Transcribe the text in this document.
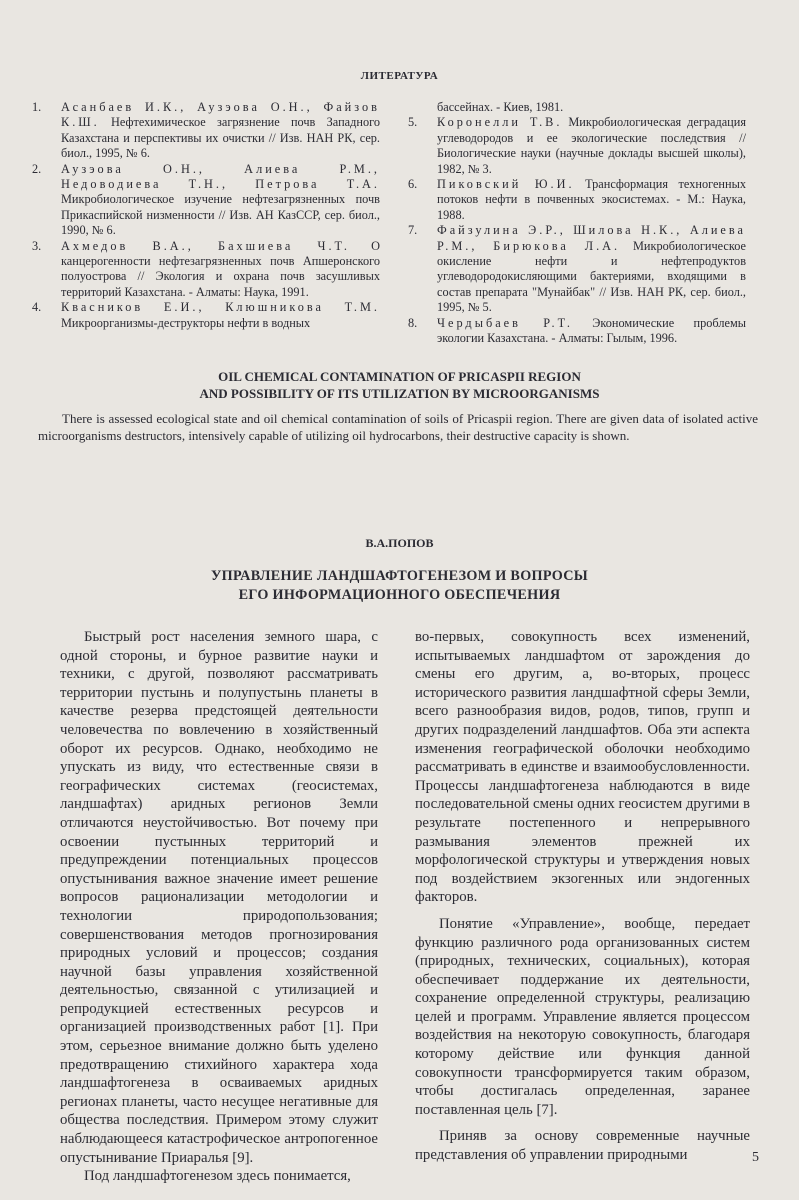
ЛИТЕРАТУРА
1.	Асанбаев И.К., Аузэова О.Н., Файзов К.Ш. Нефтехимическое загрязнение почв Западного Казахстана и перспективы их очистки // Изв. НАН РК, сер. биол., 1995, № 6.
2.	Аузэова О.Н., Алиева Р.М., Недоводиева Т.Н., Петрова Т.А. Микробиологическое изучение нефтезагрязненных почв Прикаспийской низменности // Изв. АН КазССР, сер. биол., 1990, № 6.
3.	Ахмедов В.А., Бахшиева Ч.Т. О канцерогенности нефтезагрязненных почв Апшеронского полуострова // Экология и охрана почв засушливых территорий Казахстана. - Алматы: Наука, 1991.
4.	Квасников Е.И., Клюшникова Т.М. Микроорганизмы-деструкторы нефти в водных
бассейнах. - Киев, 1981.
5.	Коронелли Т.В. Микробиологическая деградация углеводородов и ее экологические последствия // Биологические науки (научные доклады высшей школы), 1982, № 3.
6.	Пиковский Ю.И. Трансформация техногенных потоков нефти в почвенных экосистемах. - М.: Наука, 1988.
7.	Файзулина Э.Р., Шилова Н.К., Алиева Р.М., Бирюкова Л.А. Микробиологическое окисление нефти и нефтепродуктов углеводородокисляющими бактериями, входящими в состав препарата "Мунайбак" // Изв. НАН РК, сер. биол., 1995, № 5.
8.	Чердыбаев Р.Т. Экономические проблемы экологии Казахстана. - Алматы: Гылым, 1996.
OIL CHEMICAL CONTAMINATION OF PRICASPII REGION
AND POSSIBILITY OF ITS UTILIZATION BY MICROORGANISMS

There is assessed ecological state and oil chemical contamination of soils of Pricaspii region. There are given data of isolated active microorganisms destructors, intensively capable of utilizing oil hydrocarbons, their destructive capacity is shown.

В.А.ПОПОВ
УПРАВЛЕНИЕ ЛАНДШАФТОГЕНЕЗОМ И ВОПРОСЫ
ЕГО ИНФОРМАЦИОННОГО ОБЕСПЕЧЕНИЯ

Быстрый рост населения земного шара, с одной стороны, и бурное развитие науки и техники, с другой, позволяют рассматривать территории пустынь и полупустынь планеты в качестве резерва предстоящей деятельности человечества по вовлечению в хозяйственный оборот их ресурсов. Однако, необходимо не упускать из виду, что естественные связи в географических системах (геосистемах, ландшафтах) аридных регионов Земли отличаются неустойчивостью. Вот почему при освоении пустынных территорий и предупреждении потенциальных процессов опустынивания важное значение имеет решение вопросов рационализации методологии и технологии природопользования; совершенствования методов прогнозирования природных условий и процессов; создания научной базы управления хозяйственной деятельностью, связанной с утилизацией и репродукцией естественных ресурсов и организацией производственных работ [1]. При этом, серьезное внимание должно быть уделено предотвращению стихийного характера хода ландшафтогенеза в осваиваемых аридных регионах планеты, часто несущее негативные для общества последствия. Примером этому служит наблюдающееся катастрофическое антропогенное опустынивание Приаралья [9].

Под ландшафтогенезом здесь понимается,

во-первых, совокупность всех изменений, испытываемых ландшафтом от зарождения до смены его другим, а, во-вторых, процесс исторического развития ландшафтной сферы Земли, всего разнообразия видов, родов, типов, групп и других подразделений ландшафтов. Оба эти аспекта изменения географической оболочки необходимо рассматривать в единстве и взаимообусловленности. Процессы ландшафтогенеза наблюдаются в виде последовательной смены одних геосистем другими в результате постепенного и непрерывного размывания элементов прежней их морфологической структуры и утверждения новых под воздействием экзогенных или эндогенных факторов.

Понятие «Управление», вообще, передает функцию различного рода организованных систем (природных, технических, социальных), которая обеспечивает поддержание их деятельности, сохранение определенной структуры, реализацию целей и программ. Управление является процессом воздействия на некоторую совокупность, благодаря которому действие или функция данной совокупности трансформируется таким образом, чтобы достигалась определенная, заранее поставленная цель [7].

Приняв за основу современные научные представления об управлении природными	5
